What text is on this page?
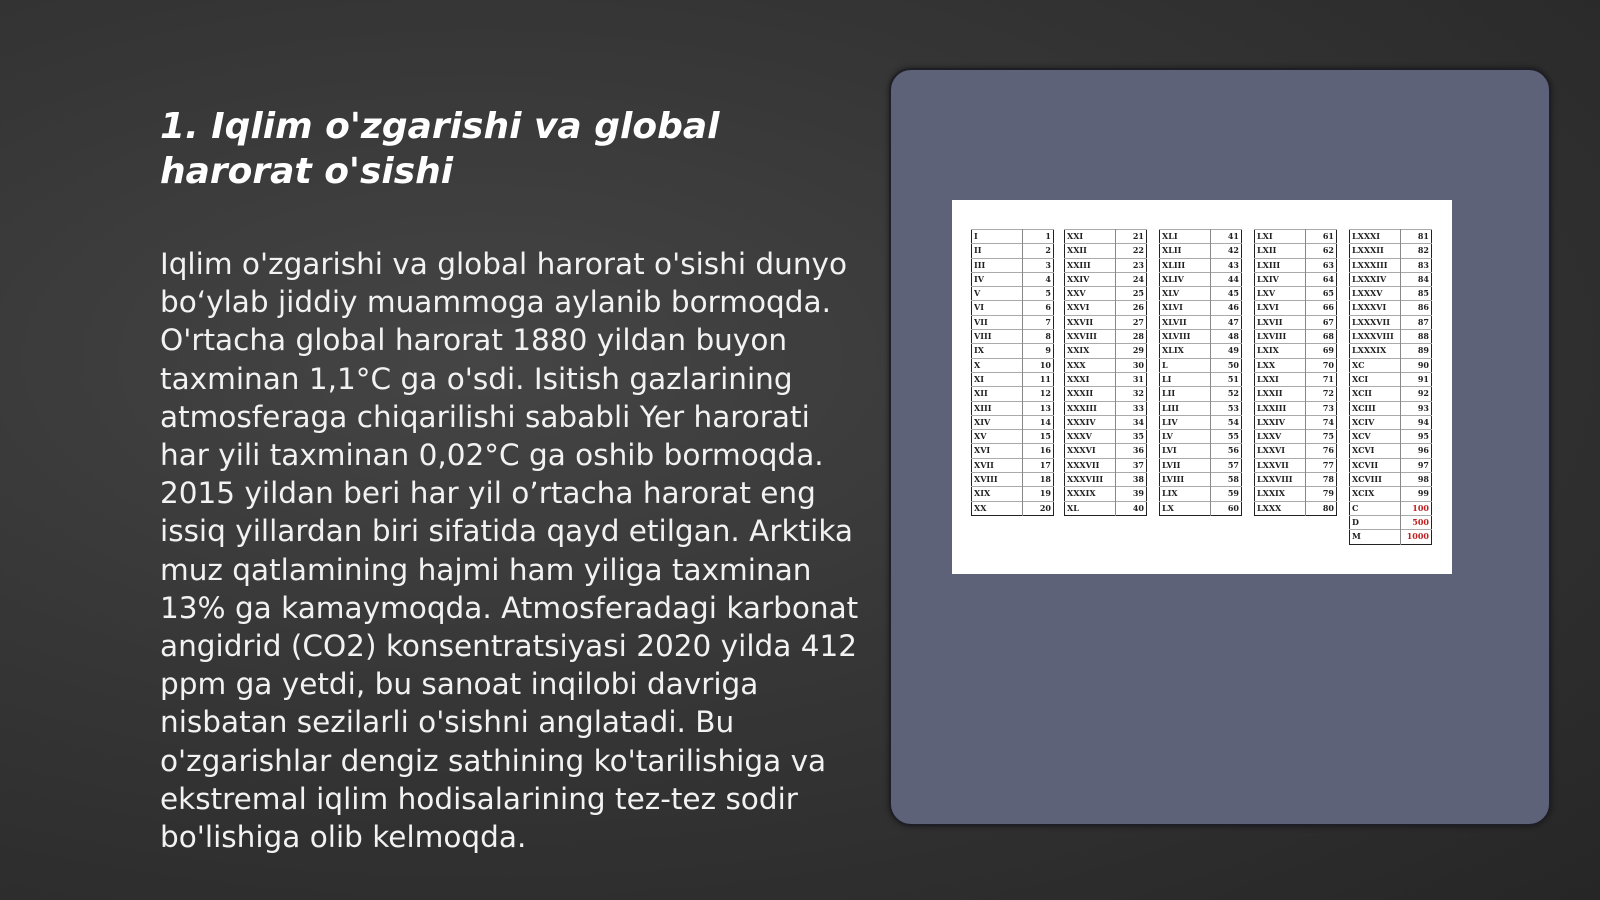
1. Iqlim o'zgarishi va global harorat o'sishi

Iqlim o'zgarishi va global harorat o'sishi dunyo bo‘ylab jiddiy muammoga aylanib bormoqda. O'rtacha global harorat 1880 yildan buyon taxminan 1,1°C ga o'sdi. Isitish gazlarining atmosferaga chiqarilishi sababli Yer harorati har yili taxminan 0,02°C ga oshib bormoqda. 2015 yildan beri har yil o’rtacha harorat eng issiq yillardan biri sifatida qayd etilgan. Arktika muz qatlamining hajmi ham yiliga taxminan 13% ga kamaymoqda. Atmosferadagi karbonat angidrid (CO2) konsentratsiyasi 2020 yilda 412 ppm ga yetdi, bu sanoat inqilobi davriga nisbatan sezilarli o'sishni anglatadi. Bu o'zgarishlar dengiz sathining ko'tarilishiga va ekstremal iqlim hodisalarining tez-tez sodir bo'lishiga olib kelmoqda.

I	1
II	2
III	3
IV	4
V	5
VI	6
VII	7
VIII	8
IX	9
X	10
XI	11
XII	12
XIII	13
XIV	14
XV	15
XVI	16
XVII	17
XVIII	18
XIX	19
XX	20
XXI	21
XXII	22
XXIII	23
XXIV	24
XXV	25
XXVI	26
XXVII	27
XXVIII	28
XXIX	29
XXX	30
XXXI	31
XXXII	32
XXXIII	33
XXXIV	34
XXXV	35
XXXVI	36
XXXVII	37
XXXVIII	38
XXXIX	39
XL	40
XLI	41
XLII	42
XLIII	43
XLIV	44
XLV	45
XLVI	46
XLVII	47
XLVIII	48
XLIX	49
L	50
LI	51
LII	52
LIII	53
LIV	54
LV	55
LVI	56
LVII	57
LVIII	58
LIX	59
LX	60
LXI	61
LXII	62
LXIII	63
LXIV	64
LXV	65
LXVI	66
LXVII	67
LXVIII	68
LXIX	69
LXX	70
LXXI	71
LXXII	72
LXXIII	73
LXXIV	74
LXXV	75
LXXVI	76
LXXVII	77
LXXVIII	78
LXXIX	79
LXXX	80
LXXXI	81
LXXXII	82
LXXXIII	83
LXXXIV	84
LXXXV	85
LXXXVI	86
LXXXVII	87
LXXXVIII	88
LXXXIX	89
XC	90
XCI	91
XCII	92
XCIII	93
XCIV	94
XCV	95
XCVI	96
XCVII	97
XCVIII	98
XCIX	99
C	100
D	500
M	1000
